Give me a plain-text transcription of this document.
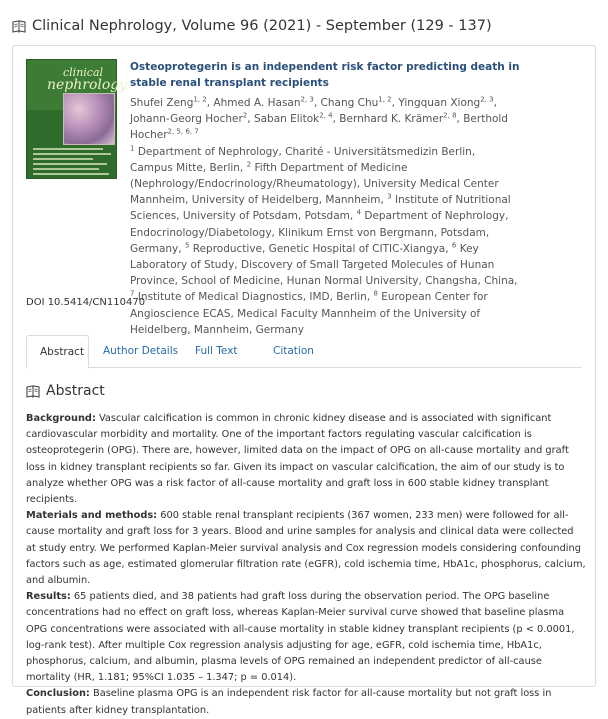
Clinical Nephrology, Volume 96 (2021) - September (129 - 137)
clinical
nephrology
Osteoprotegerin is an independent risk factor predicting death in stable renal transplant recipients
Shufei Zeng$^{1, 2}$, Ahmed A. Hasan$^{2, 3}$, Chang Chu$^{1, 2}$, Yingquan Xiong$^{2, 3}$, Johann-Georg Hocher$^2$, Saban Elitok$^{2, 4}$, Bernhard K. Krämer$^{2, 8}$, Berthold Hocher$^{2, 5, 6, 7}$
$^1$ Department of Nephrology, Charité - Universitätsmedizin Berlin, Campus Mitte, Berlin, $^2$ Fifth Department of Medicine (Nephrology/Endocrinology/Rheumatology), University Medical Center Mannheim, University of Heidelberg, Mannheim, $^3$ Institute of Nutritional Sciences, University of Potsdam, Potsdam, $^4$ Department of Nephrology, Endocrinology/Diabetology, Klinikum Ernst von Bergmann, Potsdam, Germany, $^5$ Reproductive, Genetic Hospital of CITIC-Xiangya, $^6$ Key Laboratory of Study, Discovery of Small Targeted Molecules of Hunan Province, School of Medicine, Hunan Normal University, Changsha, China, $^7$ Institute of Medical Diagnostics, IMD, Berlin, $^8$ European Center for Angioscience ECAS, Medical Faculty Mannheim of the University of Heidelberg, Mannheim, Germany
DOI 10.5414/CN110470
Abstract	Author Details	Full Text	Citation
Abstract

Background: Vascular calcification is common in chronic kidney disease and is associated with significant cardiovascular morbidity and mortality. One of the important factors regulating vascular calcification is osteoprotegerin (OPG). There are, however, limited data on the impact of OPG on all-cause mortality and graft loss in kidney transplant recipients so far. Given its impact on vascular calcification, the aim of our study is to analyze whether OPG was a risk factor of all-cause mortality and graft loss in 600 stable kidney transplant recipients.

Materials and methods: 600 stable renal transplant recipients (367 women, 233 men) were followed for all-cause mortality and graft loss for 3 years. Blood and urine samples for analysis and clinical data were collected at study entry. We performed Kaplan-Meier survival analysis and Cox regression models considering confounding factors such as age, estimated glomerular filtration rate (eGFR), cold ischemia time, HbA1c, phosphorus, calcium, and albumin.

Results: 65 patients died, and 38 patients had graft loss during the observation period. The OPG baseline concentrations had no effect on graft loss, whereas Kaplan-Meier survival curve showed that baseline plasma OPG concentrations were associated with all-cause mortality in stable kidney transplant recipients (p < 0.0001, log-rank test). After multiple Cox regression analysis adjusting for age, eGFR, cold ischemia time, HbA1c, phosphorus, calcium, and albumin, plasma levels of OPG remained an independent predictor of all-cause mortality (HR, 1.181; 95%CI 1.035 – 1.347; p = 0.014).

Conclusion: Baseline plasma OPG is an independent risk factor for all-cause mortality but not graft loss in patients after kidney transplantation.
